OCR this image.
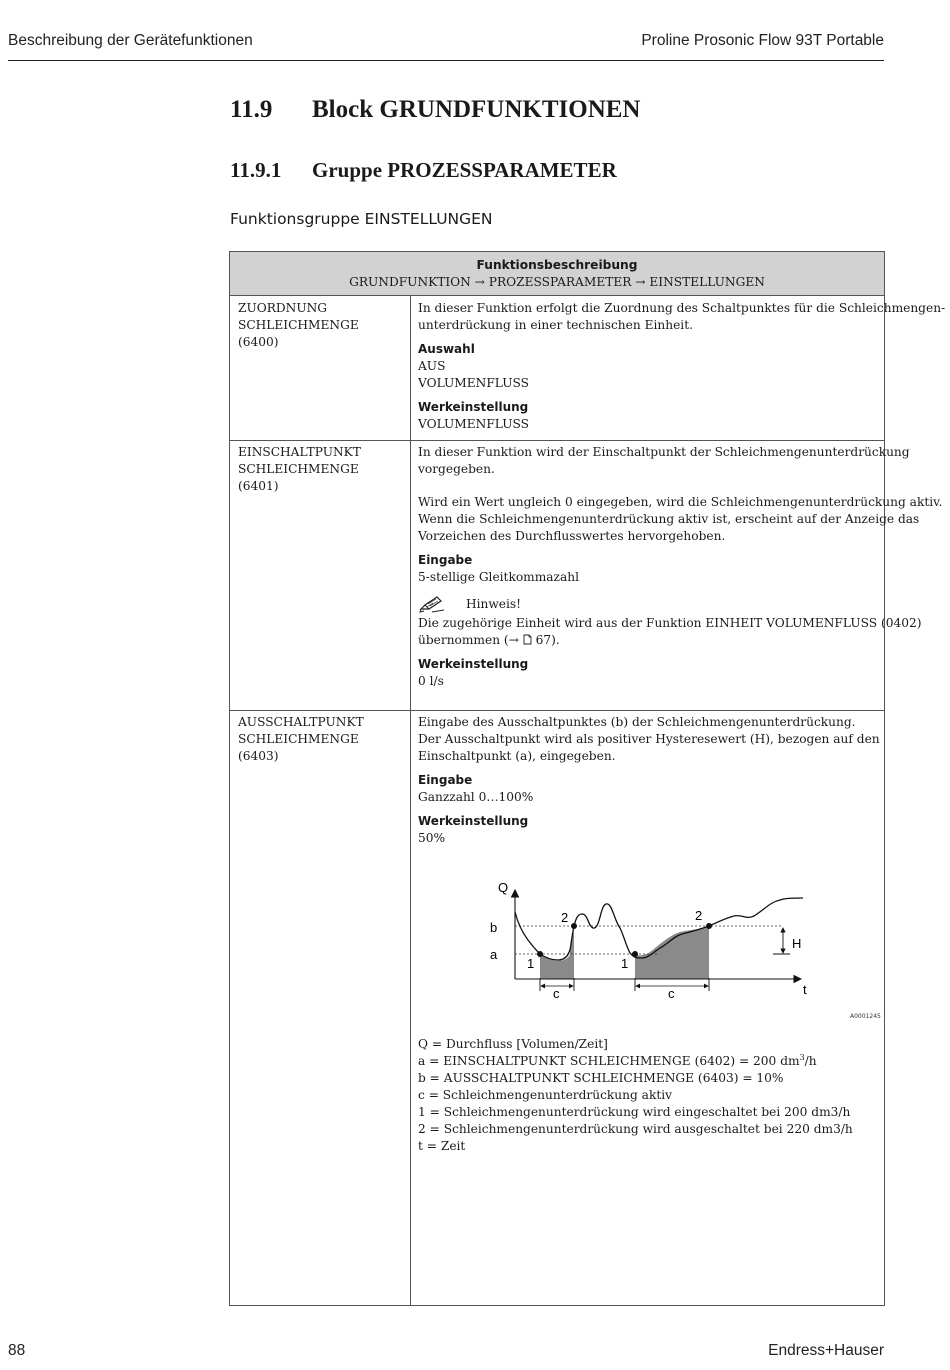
Beschreibung der Gerätefunktionen	Proline Prosonic Flow 93T Portable
11.9 Block GRUNDFUNKTIONEN
11.9.1 Gruppe PROZESSPARAMETER
Funktionsgruppe EINSTELLUNGEN
Funktionsbeschreibung
GRUNDFUNKTION → PROZESSPARAMETER → EINSTELLUNGEN
ZUORDNUNG
SCHLEICHMENGE
(6400)
In dieser Funktion erfolgt die Zuordnung des Schaltpunktes für die Schleichmengen-
unterdrückung in einer technischen Einheit.
Auswahl
AUS
VOLUMENFLUSS
Werkeinstellung
VOLUMENFLUSS
EINSCHALTPUNKT
SCHLEICHMENGE
(6401)
In dieser Funktion wird der Einschaltpunkt der Schleichmengenunterdrückung
vorgegeben.
Wird ein Wert ungleich 0 eingegeben, wird die Schleichmengenunterdrückung aktiv.
Wenn die Schleichmengenunterdrückung aktiv ist, erscheint auf der Anzeige das
Vorzeichen des Durchflusswertes hervorgehoben.
Eingabe
5-stellige Gleitkommazahl
Hinweis!
Die zugehörige Einheit wird aus der Funktion EINHEIT VOLUMENFLUSS (0402)
übernommen (→  67).
Werkeinstellung
0 l/s
AUSSCHALTPUNKT
SCHLEICHMENGE
(6403)
Eingabe des Ausschaltpunktes (b) der Schleichmengenunterdrückung.
Der Ausschaltpunkt wird als positiver Hysteresewert (H), bezogen auf den
Einschaltpunkt (a), eingegeben.
Eingabe
Ganzzahl 0…100%
Werkeinstellung
50%
Q
b
a
t
H
1	1
2	2
c	c
A0001245
Q = Durchfluss [Volumen/Zeit]
a = EINSCHALTPUNKT SCHLEICHMENGE (6402) = 200 $dm^3/h$
b = AUSSCHALTPUNKT SCHLEICHMENGE (6403) = 10%
c = Schleichmengenunterdrückung aktiv
1 = Schleichmengenunterdrückung wird eingeschaltet bei 200 dm3/h
2 = Schleichmengenunterdrückung wird ausgeschaltet bei 220 dm3/h
t = Zeit
88	Endress+Hauser
